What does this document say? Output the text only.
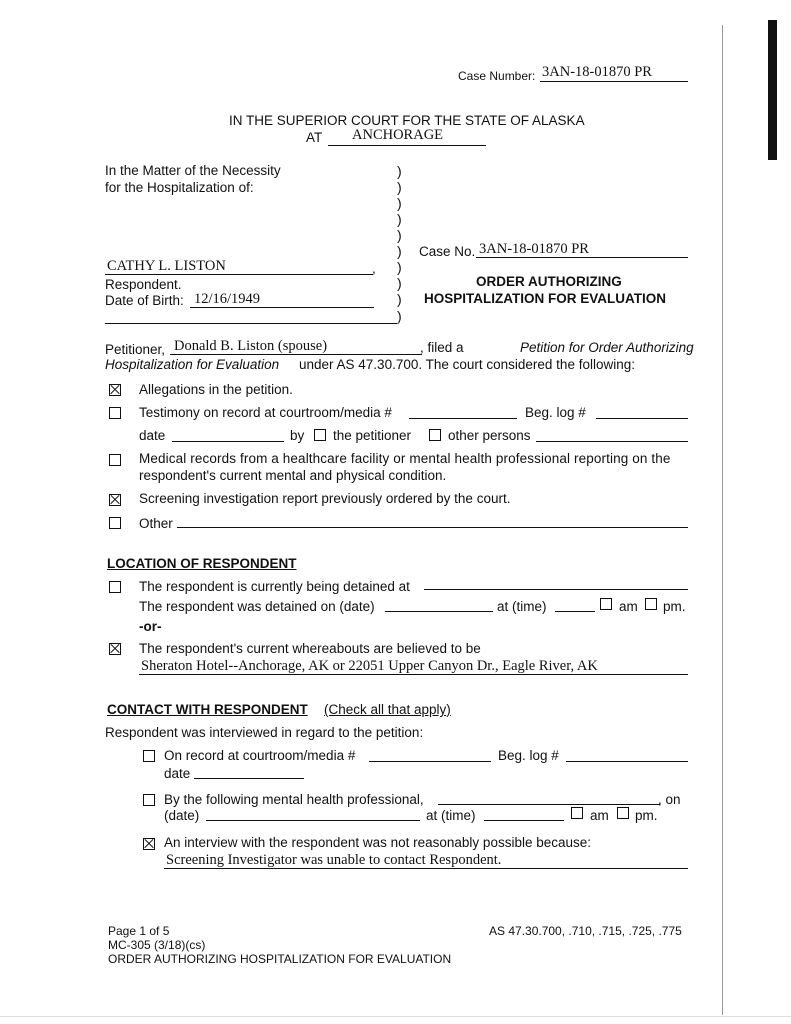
Case Number: 3AN-18-01870 PR
IN THE SUPERIOR COURT FOR THE STATE OF ALASKA
AT ANCHORAGE
In the Matter of the Necessity
for the Hospitalization of:
)
)
)
)
)
)
)
)
)
)
CATHY L. LISTON	,
Respondent.
Date of Birth: 12/16/1949
Case No. 3AN-18-01870 PR
ORDER AUTHORIZING
HOSPITALIZATION FOR EVALUATION
Petitioner, Donald B. Liston (spouse)	, filed a	Petition for Order Authorizing
Hospitalization for Evaluation under AS 47.30.700. The court considered the following:
Allegations in the petition.
Testimony on record at courtroom/media #	Beg. log #
date	by the petitioner	other persons
Medical records from a healthcare facility or mental health professional reporting on the
respondent's current mental and physical condition.
Screening investigation report previously ordered by the court.
Other
LOCATION OF RESPONDENT
The respondent is currently being detained at
The respondent was detained on (date)	at (time)	am pm.
-or-
The respondent's current whereabouts are believed to be
Sheraton Hotel--Anchorage, AK or 22051 Upper Canyon Dr., Eagle River, AK
CONTACT WITH RESPONDENT (Check all that apply)
Respondent was interviewed in regard to the petition:
On record at courtroom/media #	Beg. log #
date
By the following mental health professional,	, on
(date)	at (time)	am pm.
An interview with the respondent was not reasonably possible because:
Screening Investigator was unable to contact Respondent.
Page 1 of 5
MC-305 (3/18)(cs)
ORDER AUTHORIZING HOSPITALIZATION FOR EVALUATION
AS 47.30.700, .710, .715, .725, .775
